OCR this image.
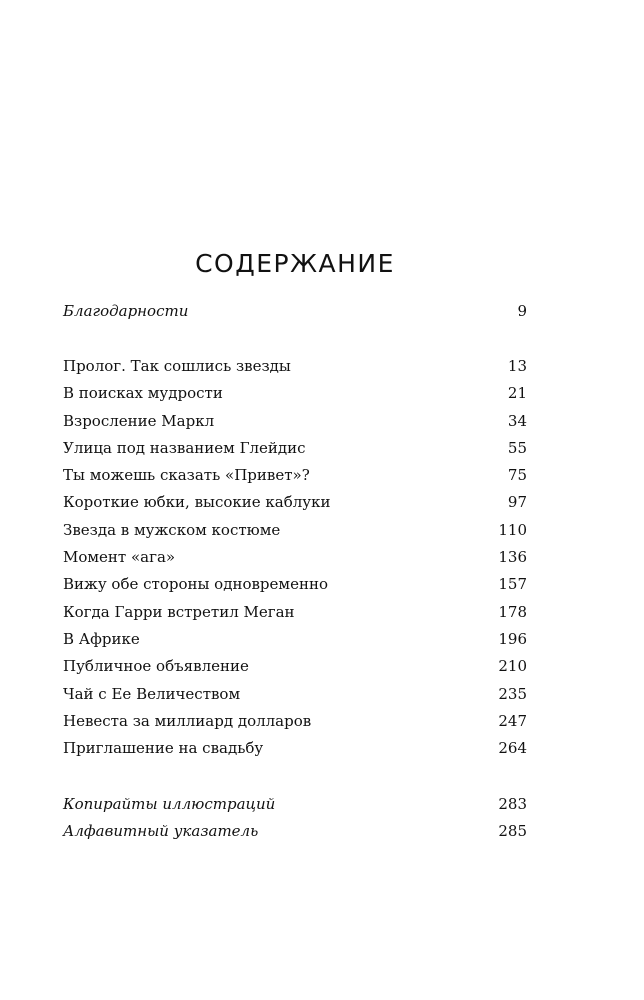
СОДЕРЖАНИЕ
Благодарности	9
Пролог. Так сошлись звезды	13
В поисках мудрости	21
Взросление Маркл	34
Улица под названием Глейдис	55
Ты можешь сказать «Привет»?	75
Короткие юбки, высокие каблуки	97
Звезда в мужском костюме	110
Момент «ага»	136
Вижу обе стороны одновременно	157
Когда Гарри встретил Меган	178
В Африке	196
Публичное объявление	210
Чай с Ее Величеством	235
Невеста за миллиард долларов	247
Приглашение на свадьбу	264
Копирайты иллюстраций	283
Алфавитный указатель	285
